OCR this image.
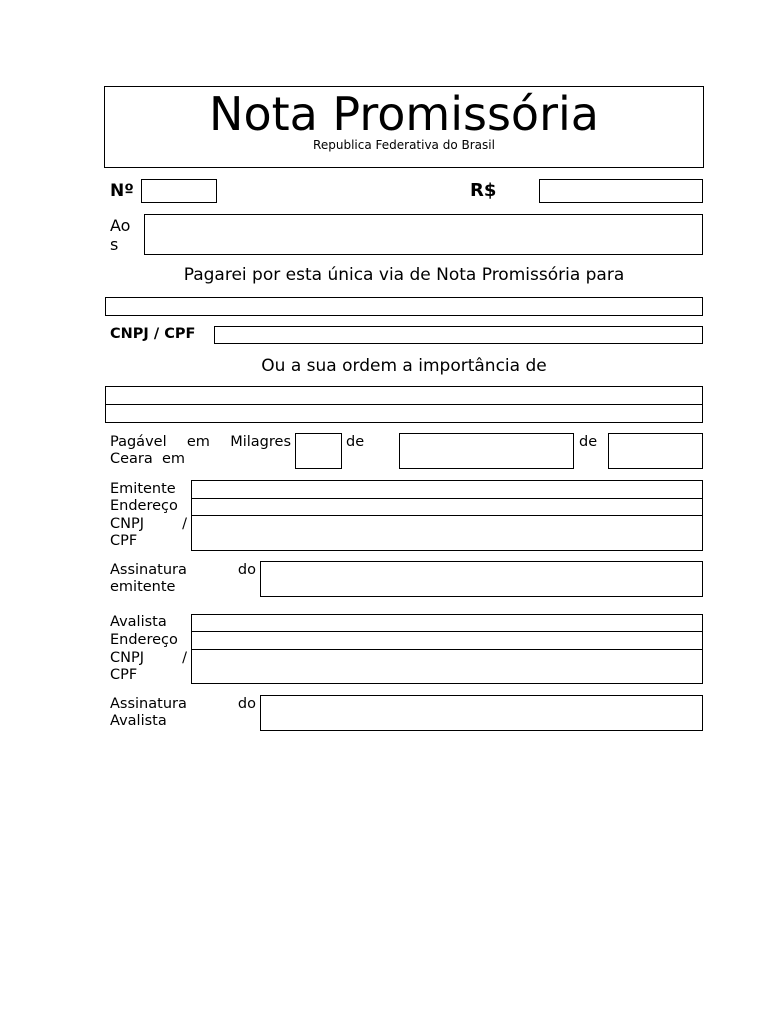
Nota Promissória
Republica Federativa do Brasil
Nº	R$
Ao
s
Pagarei por esta única via de Nota Promissória para
CNPJ / CPF
Ou a sua ordem a importância de
Pagável em Milagres
Ceara  em
de	de
Emitente
Endereço
CNPJ	/
CPF
Assinatura	do
emitente
Avalista
Endereço
CNPJ	/
CPF
Assinatura	do
Avalista
